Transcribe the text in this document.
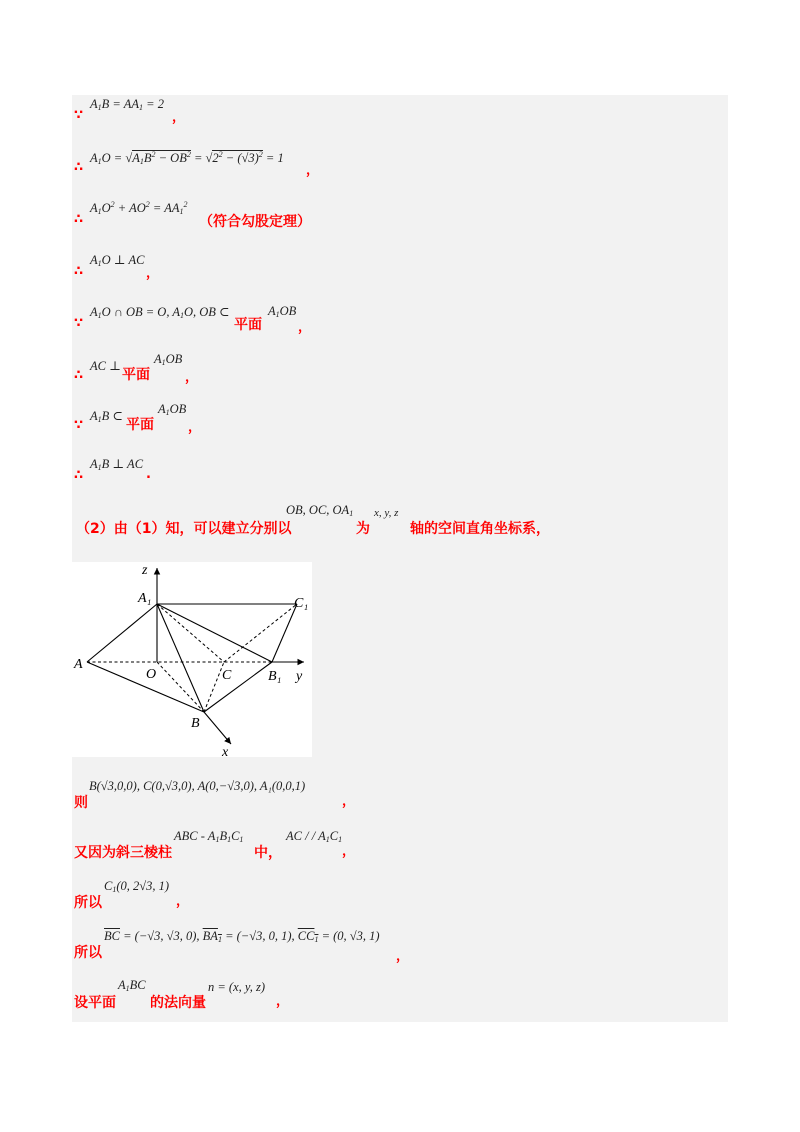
∵
$A_1B = AA_1 = 2$
，
∴
$A_1O = √A_1B^2 - OB^2 = √2^2 - (√3)^2 = 1$
，
∴
$A_1O^2 + AO^2 = AA_1^2$
（符合勾股定理）
∴
$A_1O$ ⊥ AC
，
∵
$A_1O$ ∩ OB = O, $A_1O$, OB ⊂
平面
$A_1OB$
，
∴
AC ⊥
平面
$A_1OB$
，
∵
$A_1B$ ⊂
平面
$A_1OB$
，
∴
$A_1B$ ⊥ AC
.
（2）由（1）知，可以建立分别以
OB, OC, $OA_1$
为
x, y, z
轴的空间直角坐标系，
z
y
x
A
A₁	C₁
O	C	B₁
B
则
B(√3,0,0), C(0,√3,0), A(0,−√3,0), A₁(0,0,1)
，
又因为斜三棱柱
ABC - $A_1B_1C_1$
中，
AC / / $A_1C_1$
，
所以
$C_1(0$, 2√3, 1)
，
所以
$\overline{BC} = (-√3$, √3, 0), $BA_1 = (-√3$, 0, 1), $CC_1 = (0$, √3, 1)
，
设平面
$A_1BC$
的法向量
n = (x, y, z)
，
